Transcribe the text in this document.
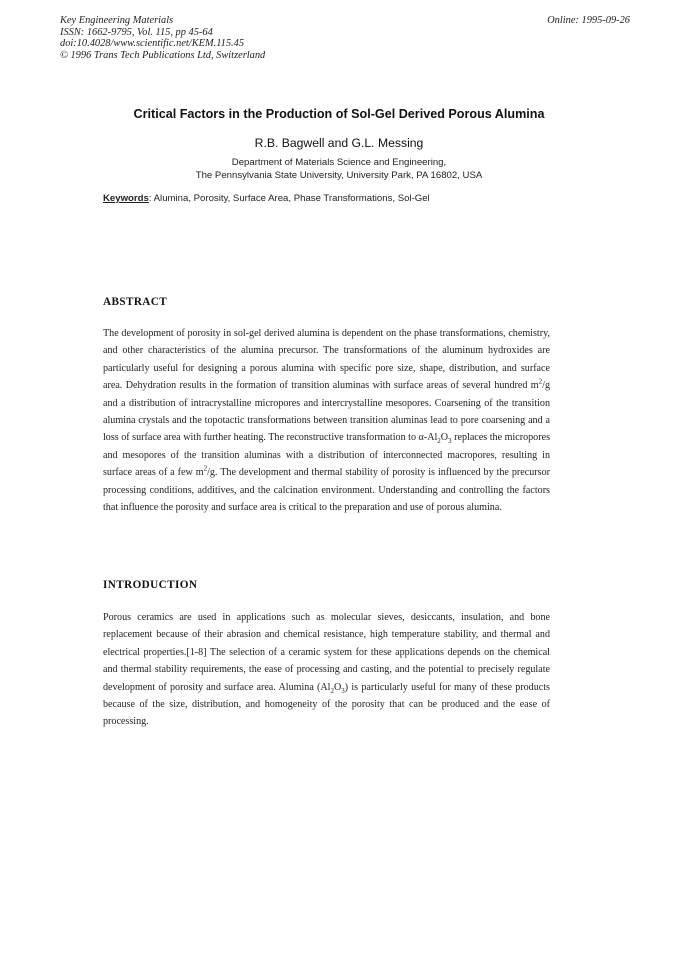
Key Engineering Materials
ISSN: 1662-9795, Vol. 115, pp 45-64
doi:10.4028/www.scientific.net/KEM.115.45
© 1996 Trans Tech Publications Ltd, Switzerland
Online: 1995-09-26
Critical Factors in the Production of Sol-Gel Derived Porous Alumina
R.B. Bagwell and G.L. Messing
Department of Materials Science and Engineering,
The Pennsylvania State University, University Park, PA 16802, USA
Keywords: Alumina, Porosity, Surface Area, Phase Transformations, Sol-Gel
ABSTRACT

The development of porosity in sol-gel derived alumina is dependent on the phase transformations, chemistry, and other characteristics of the alumina precursor. The transformations of the aluminum hydroxides are particularly useful for designing a porous alumina with specific pore size, shape, distribution, and surface area. Dehydration results in the formation of transition aluminas with surface areas of several hundred $m^2/g$ and a distribution of intracrystalline micropores and intercrystalline mesopores. Coarsening of the transition alumina crystals and the topotactic transformations between transition aluminas lead to pore coarsening and a loss of surface area with further heating. The reconstructive transformation to $\alpha-Al_2O_3$ replaces the micropores and mesopores of the transition aluminas with a distribution of interconnected macropores, resulting in surface areas of a few $m^2/g$. The development and thermal stability of porosity is influenced by the precursor processing conditions, additives, and the calcination environment. Understanding and controlling the factors that influence the porosity and surface area is critical to the preparation and use of porous alumina.

INTRODUCTION

Porous ceramics are used in applications such as molecular sieves, desiccants, insulation, and bone replacement because of their abrasion and chemical resistance, high temperature stability, and thermal and electrical properties.[1-8] The selection of a ceramic system for these applications depends on the chemical and thermal stability requirements, the ease of processing and casting, and the potential to precisely regulate development of porosity and surface area. Alumina $(Al_2O_3)$ is particularly useful for many of these products because of the size, distribution, and homogeneity of the porosity that can be produced and the ease of processing.
